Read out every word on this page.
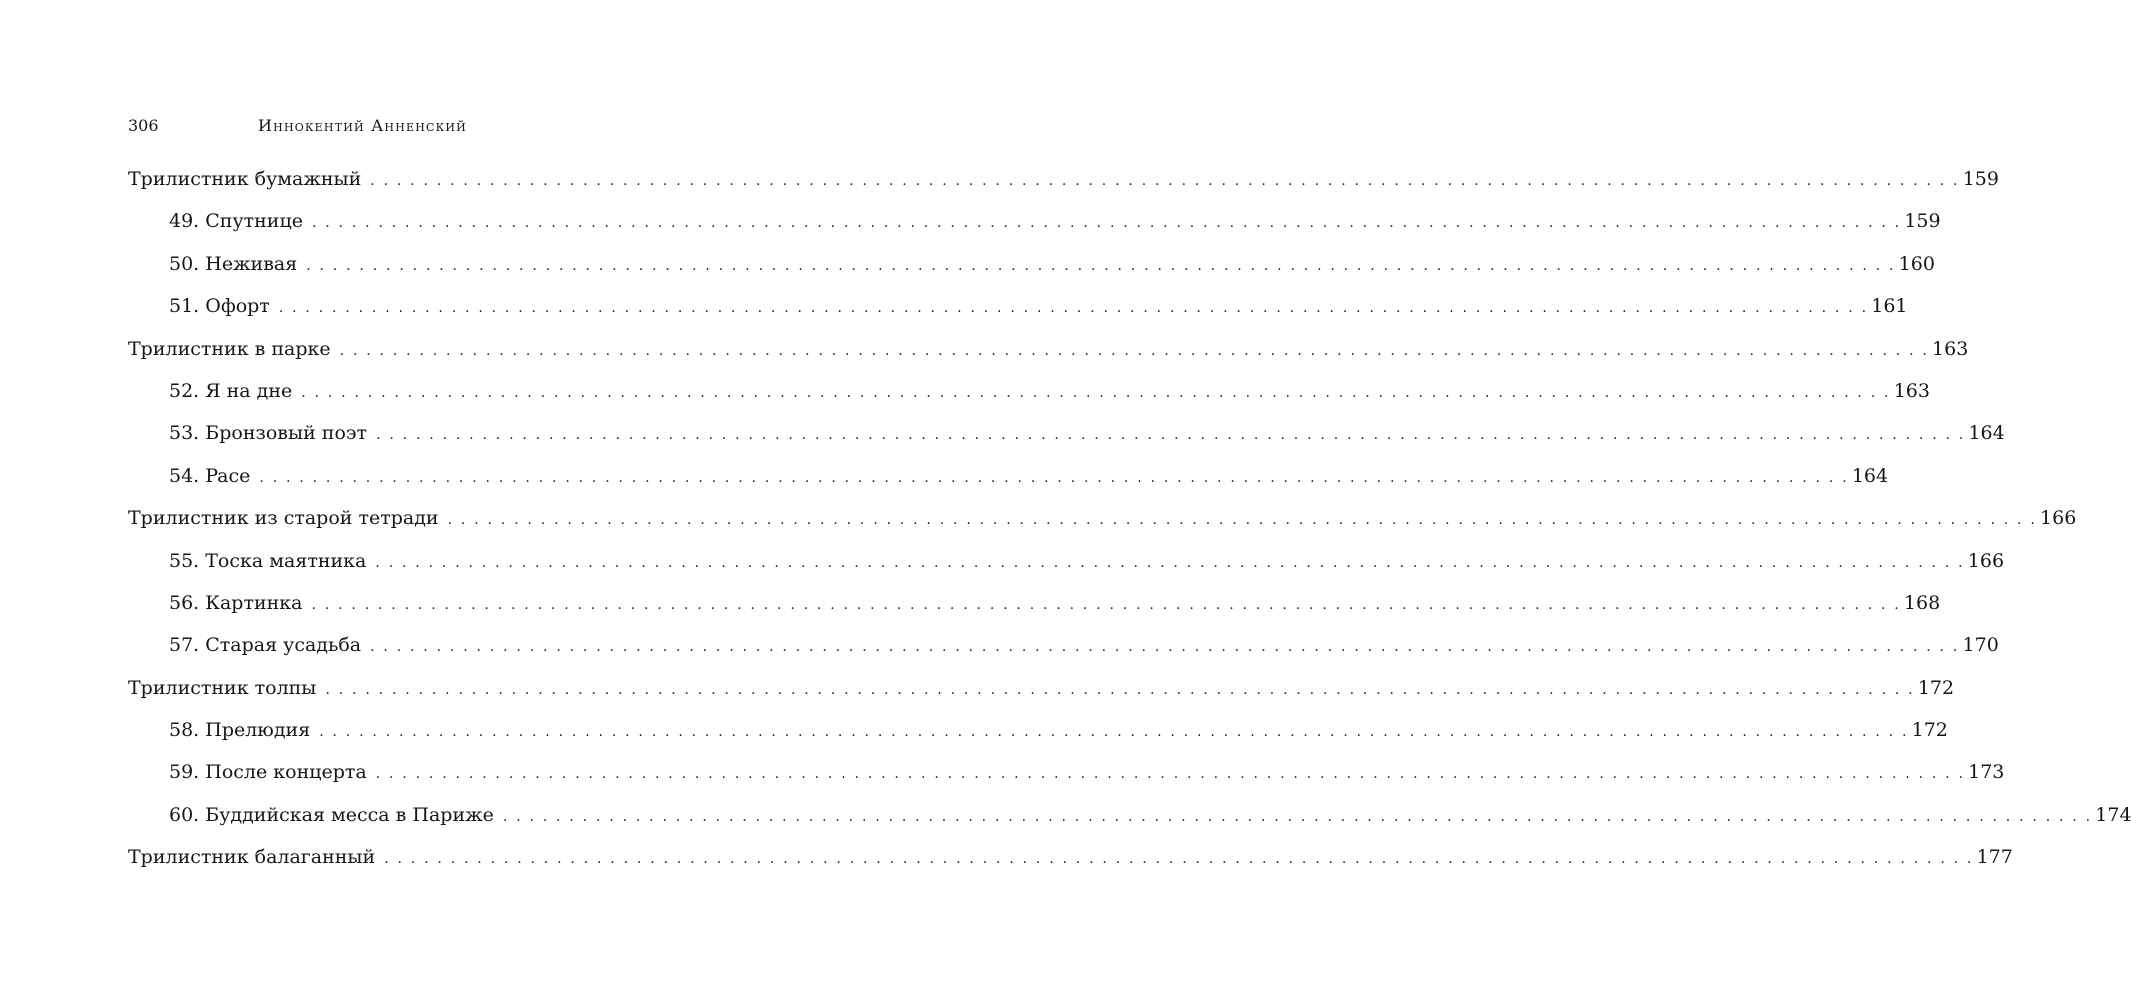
306	Иннокентий Анненский
Трилистник бумажный . . . . . . . . . . . . . . . . . . . . . . . . . . . . . . . . . . . . . . . . . . . . . . . . . . . . . . . . . . . . . . . . . . . . . . . . . . . . . . . . . . . . . . . . . . . . . . . . . . . . . . . . . . . . . . . . . . . . . . . . 159
49. Спутнице . . . . . . . . . . . . . . . . . . . . . . . . . . . . . . . . . . . . . . . . . . . . . . . . . . . . . . . . . . . . . . . . . . . . . . . . . . . . . . . . . . . . . . . . . . . . . . . . . . . . . . . . . . . . . . . . . . . . . . . . 159
50. Неживая . . . . . . . . . . . . . . . . . . . . . . . . . . . . . . . . . . . . . . . . . . . . . . . . . . . . . . . . . . . . . . . . . . . . . . . . . . . . . . . . . . . . . . . . . . . . . . . . . . . . . . . . . . . . . . . . . . . . . . . . 160
51. Офорт . . . . . . . . . . . . . . . . . . . . . . . . . . . . . . . . . . . . . . . . . . . . . . . . . . . . . . . . . . . . . . . . . . . . . . . . . . . . . . . . . . . . . . . . . . . . . . . . . . . . . . . . . . . . . . . . . . . . . . . . 161
Трилистник в парке . . . . . . . . . . . . . . . . . . . . . . . . . . . . . . . . . . . . . . . . . . . . . . . . . . . . . . . . . . . . . . . . . . . . . . . . . . . . . . . . . . . . . . . . . . . . . . . . . . . . . . . . . . . . . . . . . . . . . . . . 163
52. Я на дне . . . . . . . . . . . . . . . . . . . . . . . . . . . . . . . . . . . . . . . . . . . . . . . . . . . . . . . . . . . . . . . . . . . . . . . . . . . . . . . . . . . . . . . . . . . . . . . . . . . . . . . . . . . . . . . . . . . . . . . . 163
53. Бронзовый поэт . . . . . . . . . . . . . . . . . . . . . . . . . . . . . . . . . . . . . . . . . . . . . . . . . . . . . . . . . . . . . . . . . . . . . . . . . . . . . . . . . . . . . . . . . . . . . . . . . . . . . . . . . . . . . . . . . . . . . . . . 164
54. Pace . . . . . . . . . . . . . . . . . . . . . . . . . . . . . . . . . . . . . . . . . . . . . . . . . . . . . . . . . . . . . . . . . . . . . . . . . . . . . . . . . . . . . . . . . . . . . . . . . . . . . . . . . . . . . . . . . . . . . . . . 164
Трилистник из старой тетради . . . . . . . . . . . . . . . . . . . . . . . . . . . . . . . . . . . . . . . . . . . . . . . . . . . . . . . . . . . . . . . . . . . . . . . . . . . . . . . . . . . . . . . . . . . . . . . . . . . . . . . . . . . . . . . . . . . . . . . . 166
55. Тоска маятника . . . . . . . . . . . . . . . . . . . . . . . . . . . . . . . . . . . . . . . . . . . . . . . . . . . . . . . . . . . . . . . . . . . . . . . . . . . . . . . . . . . . . . . . . . . . . . . . . . . . . . . . . . . . . . . . . . . . . . . . 166
56. Картинка . . . . . . . . . . . . . . . . . . . . . . . . . . . . . . . . . . . . . . . . . . . . . . . . . . . . . . . . . . . . . . . . . . . . . . . . . . . . . . . . . . . . . . . . . . . . . . . . . . . . . . . . . . . . . . . . . . . . . . . . 168
57. Старая усадьба . . . . . . . . . . . . . . . . . . . . . . . . . . . . . . . . . . . . . . . . . . . . . . . . . . . . . . . . . . . . . . . . . . . . . . . . . . . . . . . . . . . . . . . . . . . . . . . . . . . . . . . . . . . . . . . . . . . . . . . . 170
Трилистник толпы . . . . . . . . . . . . . . . . . . . . . . . . . . . . . . . . . . . . . . . . . . . . . . . . . . . . . . . . . . . . . . . . . . . . . . . . . . . . . . . . . . . . . . . . . . . . . . . . . . . . . . . . . . . . . . . . . . . . . . . . 172
58. Прелюдия . . . . . . . . . . . . . . . . . . . . . . . . . . . . . . . . . . . . . . . . . . . . . . . . . . . . . . . . . . . . . . . . . . . . . . . . . . . . . . . . . . . . . . . . . . . . . . . . . . . . . . . . . . . . . . . . . . . . . . . . 172
59. После концерта . . . . . . . . . . . . . . . . . . . . . . . . . . . . . . . . . . . . . . . . . . . . . . . . . . . . . . . . . . . . . . . . . . . . . . . . . . . . . . . . . . . . . . . . . . . . . . . . . . . . . . . . . . . . . . . . . . . . . . . . 173
60. Буддийская месса в Париже . . . . . . . . . . . . . . . . . . . . . . . . . . . . . . . . . . . . . . . . . . . . . . . . . . . . . . . . . . . . . . . . . . . . . . . . . . . . . . . . . . . . . . . . . . . . . . . . . . . . . . . . . . . . . . . . . . . . . . . . 174
Трилистник балаганный . . . . . . . . . . . . . . . . . . . . . . . . . . . . . . . . . . . . . . . . . . . . . . . . . . . . . . . . . . . . . . . . . . . . . . . . . . . . . . . . . . . . . . . . . . . . . . . . . . . . . . . . . . . . . . . . . . . . . . . . 177
